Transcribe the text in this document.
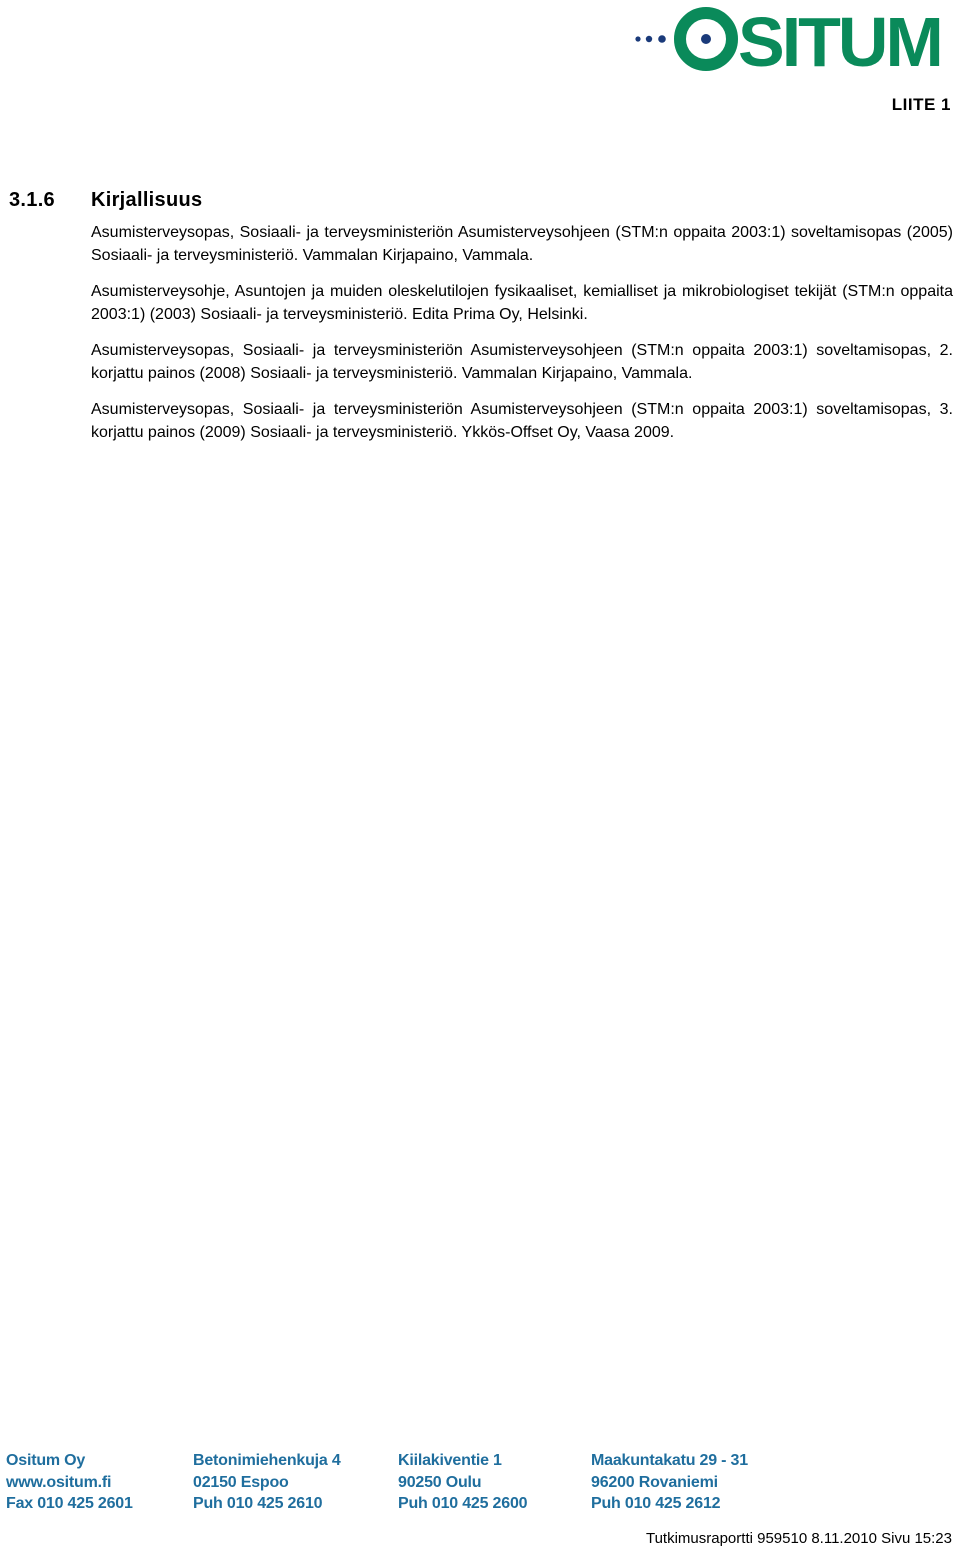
SITUM
LIITE 1
3.1.6 Kirjallisuus

Asumisterveysopas, Sosiaali- ja terveysministeriön Asumisterveysohjeen (STM:n oppaita 2003:1) soveltamisopas (2005) Sosiaali- ja terveysministeriö. Vammalan Kirjapaino, Vammala.

Asumisterveysohje, Asuntojen ja muiden oleskelutilojen fysikaaliset, kemialliset ja mikrobiologiset tekijät (STM:n oppaita 2003:1) (2003) Sosiaali- ja terveysministeriö. Edita Prima Oy, Helsinki.

Asumisterveysopas, Sosiaali- ja terveysministeriön Asumisterveysohjeen (STM:n oppaita 2003:1) soveltamisopas, 2. korjattu painos (2008) Sosiaali- ja terveysministeriö. Vammalan Kirjapaino, Vammala.

Asumisterveysopas, Sosiaali- ja terveysministeriön Asumisterveysohjeen (STM:n oppaita 2003:1) soveltamisopas, 3. korjattu painos (2009) Sosiaali- ja terveysministeriö. Ykkös-Offset Oy, Vaasa 2009.

Ositum Oy
www.ositum.fi
Fax 010 425 2601
Betonimiehenkuja 4
02150 Espoo
Puh 010 425 2610
Kiilakiventie 1
90250 Oulu
Puh 010 425 2600
Maakuntakatu 29 - 31
96200 Rovaniemi
Puh 010 425 2612
Tutkimusraportti 959510 8.11.2010 Sivu 15:23
